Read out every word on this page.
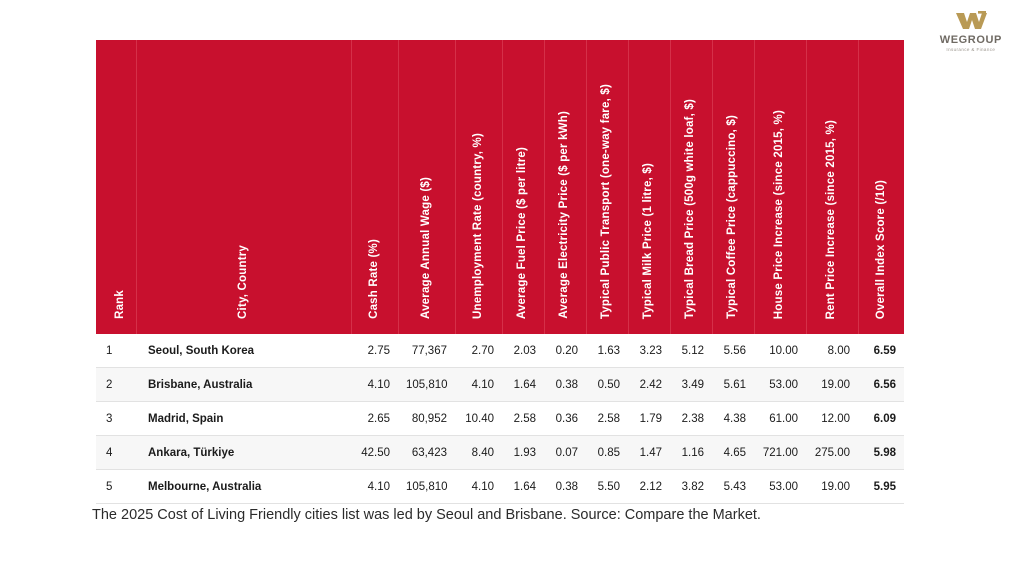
WEGROUP
Insurance & Finance
Rank	City, Country	Cash Rate (%)	Average Annual Wage ($)	Unemployment Rate (country, %)	Average Fuel Price ($ per litre)	Average Electricity Price ($ per kWh)	Typical Public Transport (one-way fare, $)	Typical Milk Price (1 litre, $)	Typical Bread Price (500g white loaf, $)	Typical Coffee Price (cappuccino, $)	House Price Increase (since 2015, %)	Rent Price Increase (since 2015, %)	Overall Index Score (/10)
1	Seoul, South Korea	2.75	77,367	2.70	2.03	0.20	1.63	3.23	5.12	5.56	10.00	8.00	6.59
2	Brisbane, Australia	4.10	105,810	4.10	1.64	0.38	0.50	2.42	3.49	5.61	53.00	19.00	6.56
3	Madrid, Spain	2.65	80,952	10.40	2.58	0.36	2.58	1.79	2.38	4.38	61.00	12.00	6.09
4	Ankara, Türkiye	42.50	63,423	8.40	1.93	0.07	0.85	1.47	1.16	4.65	721.00	275.00	5.98
5	Melbourne, Australia	4.10	105,810	4.10	1.64	0.38	5.50	2.12	3.82	5.43	53.00	19.00	5.95
The 2025 Cost of Living Friendly cities list was led by Seoul and Brisbane. Source: Compare the Market.
